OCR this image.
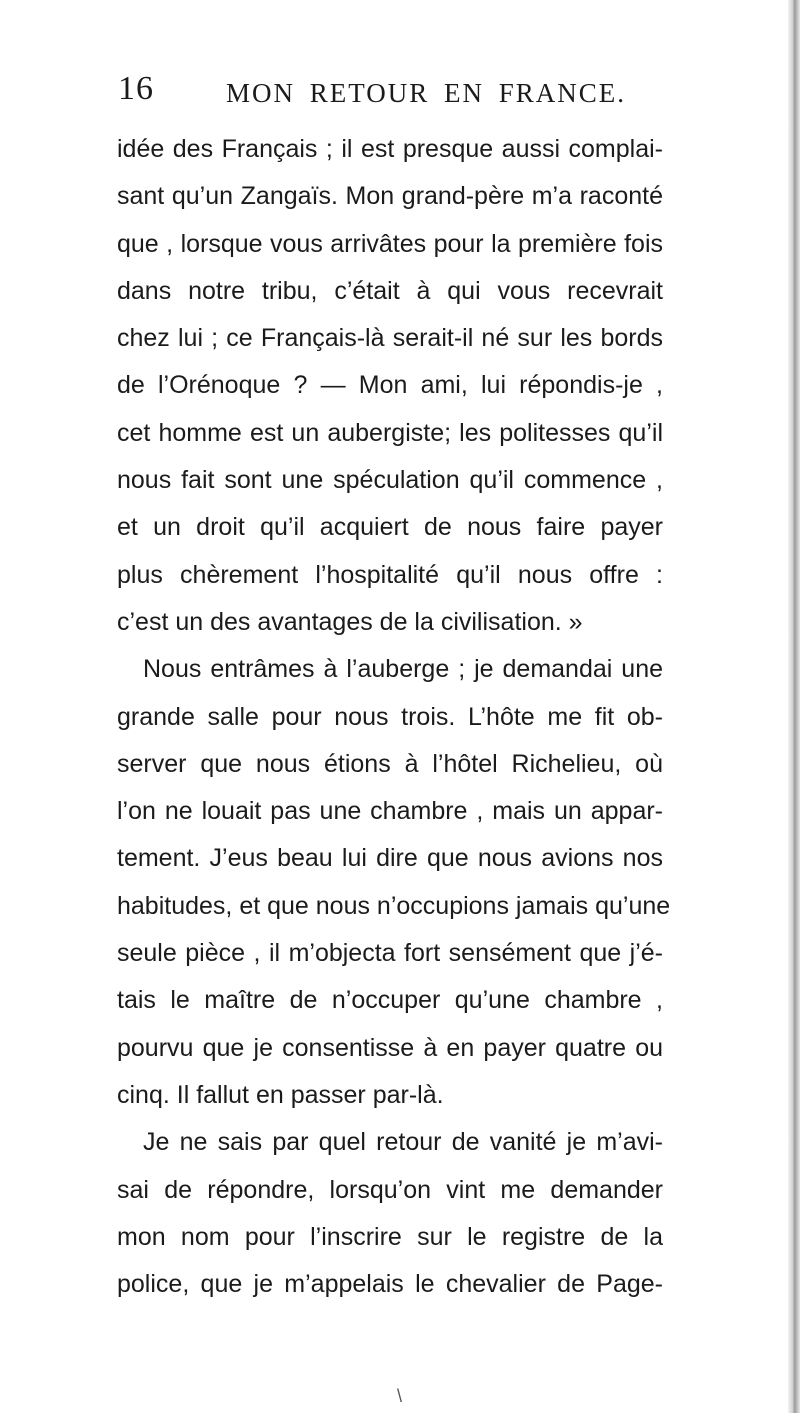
16	MON RETOUR EN FRANCE.
idée des Français ; il est presque aussi complai-
sant qu’un Zangaïs. Mon grand-père m’a raconté
que , lorsque vous arrivâtes pour la première fois
dans notre tribu, c’était à qui vous recevrait
chez lui ; ce Français-là serait-il né sur les bords
de l’Orénoque ? — Mon ami, lui répondis-je ,
cet homme est un aubergiste; les politesses qu’il
nous fait sont une spéculation qu’il commence ,
et un droit qu’il acquiert de nous faire payer
plus chèrement l’hospitalité qu’il nous offre :
c’est un des avantages de la civilisation. »
Nous entrâmes à l’auberge ; je demandai une
grande salle pour nous trois. L’hôte me fit ob-
server que nous étions à l’hôtel Richelieu, où
l’on ne louait pas une chambre , mais un appar-
tement. J’eus beau lui dire que nous avions nos
habitudes, et que nous n’occupions jamais qu’une
seule pièce , il m’objecta fort sensément que j’é-
tais le maître de n’occuper qu’une chambre ,
pourvu que je consentisse à en payer quatre ou
cinq. Il fallut en passer par-là.
Je ne sais par quel retour de vanité je m’avi-
sai de répondre, lorsqu’on vint me demander
mon nom pour l’inscrire sur le registre de la
police, que je m’appelais le chevalier de Page-
\
